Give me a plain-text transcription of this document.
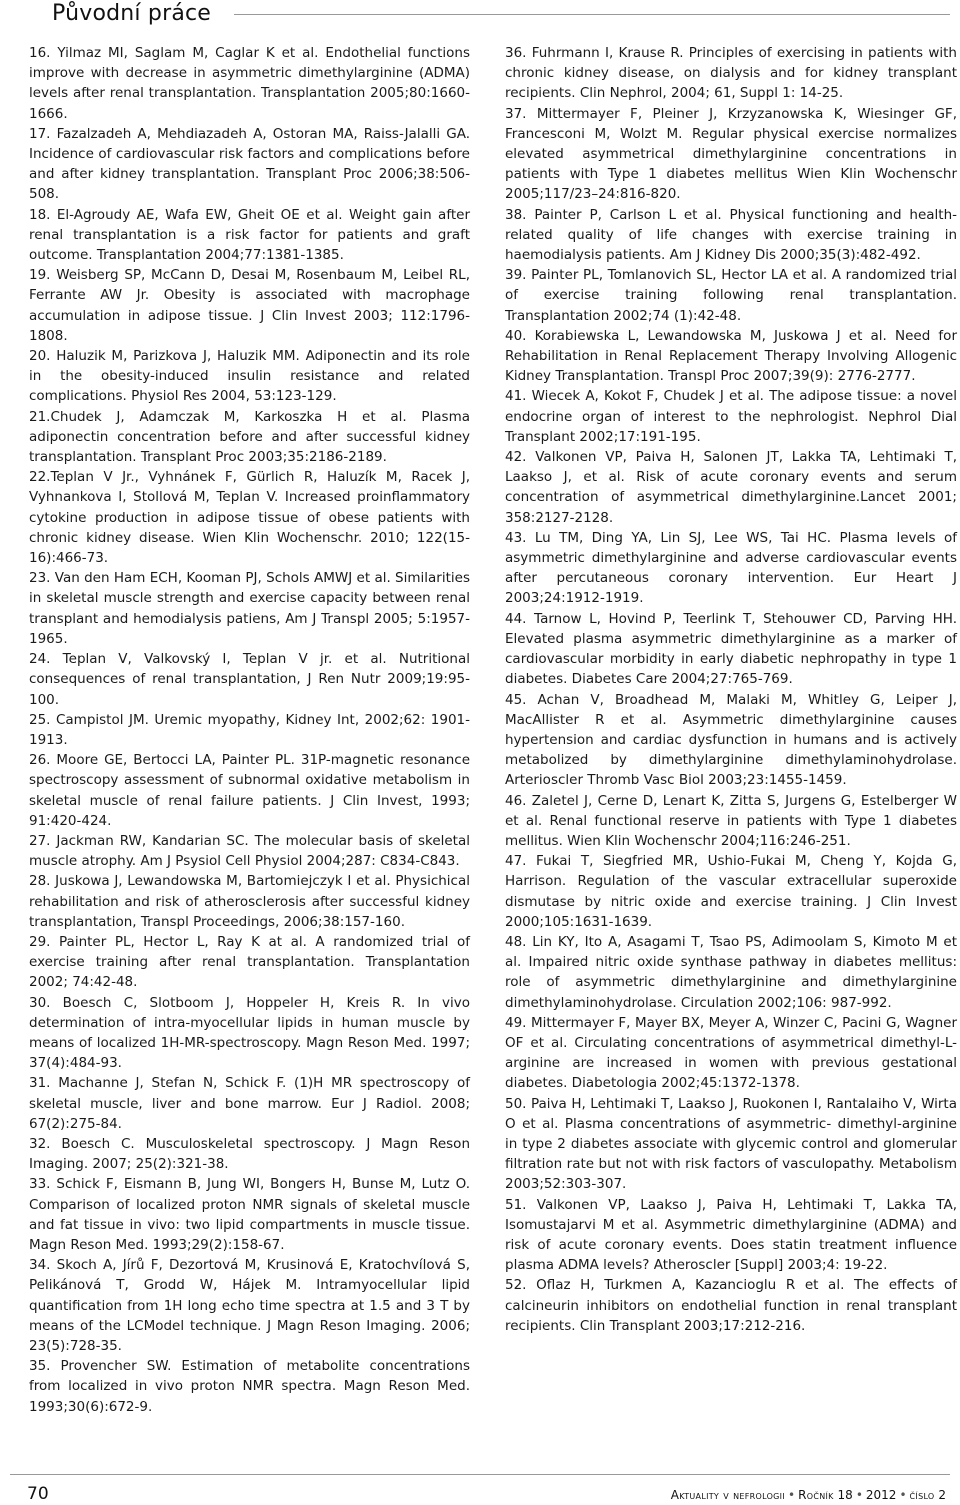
Původní práce

16. Yilmaz MI, Saglam M, Caglar K et al. Endothelial functions improve with decrease in asymmetric dimethylarginine (ADMA) levels after renal transplantation. Transplantation 2005;80:1660-1666.

17. Fazalzadeh A, Mehdiazadeh A, Ostoran MA, Raiss-Jalalli GA. Incidence of cardiovascular risk factors and complications before and after kidney transplantation. Transplant Proc 2006;38:506-508.

18. El-Agroudy AE, Wafa EW, Gheit OE et al. Weight gain after renal transplantation is a risk factor for patients and graft outcome. Transplantation 2004;77:1381-1385.

19. Weisberg SP, McCann D, Desai M, Rosenbaum M, Leibel RL, Ferrante AW Jr. Obesity is associated with macrophage accumulation in adipose tissue. J Clin Invest 2003; 112:1796-1808.

20. Haluzik M, Parizkova J, Haluzik MM. Adiponectin and its role in the obesity-induced insulin resistance and related complications. Physiol Res 2004, 53:123-129.

21.Chudek J, Adamczak M, Karkoszka H et al. Plasma adiponectin concentration before and after successful kidney transplantation. Transplant Proc 2003;35:2186-2189.

22.Teplan V Jr., Vyhnánek F, Gürlich R, Haluzík M, Racek J, Vyhnankova I, Stollová M, Teplan V. Increased proinflammatory cytokine production in adipose tissue of obese patients with chronic kidney disease. Wien Klin Wochenschr. 2010; 122(15-16):466-73.

23. Van den Ham ECH, Kooman PJ, Schols AMWJ et al. Similarities in skeletal muscle strength and exercise capacity between renal transplant and hemodialysis patiens, Am J Transpl 2005; 5:1957-1965.

24. Teplan V, Valkovský I, Teplan V jr. et al. Nutritional consequences of renal transplantation, J Ren Nutr 2009;19:95-100.

25. Campistol JM. Uremic myopathy, Kidney Int, 2002;62: 1901-1913.

26. Moore GE, Bertocci LA, Painter PL. 31P-magnetic resonance spectroscopy assessment of subnormal oxidative metabolism in skeletal muscle of renal failure patients. J Clin Invest, 1993; 91:420-424.

27. Jackman RW, Kandarian SC. The molecular basis of skeletal muscle atrophy. Am J Psysiol Cell Physiol 2004;287: C834-C843.

28. Juskowa J, Lewandowska M, Bartomiejczyk I et al. Physichical rehabilitation and risk of atherosclerosis after successful kidney transplantation, Transpl Proceedings, 2006;38:157-160.

29. Painter PL, Hector L, Ray K at al. A randomized trial of exercise training after renal transplantation. Transplantation 2002; 74:42-48.

30. Boesch C, Slotboom J, Hoppeler H, Kreis R. In vivo determination of intra-myocellular lipids in human muscle by means of localized 1H-MR-spectroscopy. Magn Reson Med. 1997; 37(4):484-93.

31. Machanne J, Stefan N, Schick F. (1)H MR spectroscopy of skeletal muscle, liver and bone marrow. Eur J Radiol. 2008; 67(2):275-84.

32. Boesch C. Musculoskeletal spectroscopy. J Magn Reson Imaging. 2007; 25(2):321-38.

33. Schick F, Eismann B, Jung WI, Bongers H, Bunse M, Lutz O. Comparison of localized proton NMR signals of skeletal muscle and fat tissue in vivo: two lipid compartments in muscle tissue. Magn Reson Med. 1993;29(2):158-67.

34. Skoch A, Jírů F, Dezortová M, Krusinová E, Kratochvílová S, Pelikánová T, Grodd W, Hájek M. Intramyocellular lipid quantification from 1H long echo time spectra at 1.5 and 3 T by means of the LCModel technique. J Magn Reson Imaging. 2006; 23(5):728-35.

35. Provencher SW. Estimation of metabolite concentrations from localized in vivo proton NMR spectra. Magn Reson Med. 1993;30(6):672-9.

36. Fuhrmann I, Krause R. Principles of exercising in patients with chronic kidney disease, on dialysis and for kidney transplant recipients. Clin Nephrol, 2004; 61, Suppl 1: 14-25.

37. Mittermayer F, Pleiner J, Krzyzanowska K, Wiesinger GF, Francesconi M, Wolzt M. Regular physical exercise normalizes elevated asymmetrical dimethylarginine concentrations in patients with Type 1 diabetes mellitus Wien Klin Wochenschr 2005;117/23–24:816-820.

38. Painter P, Carlson L et al. Physical functioning and health-related quality of life changes with exercise training in haemodialysis patients. Am J Kidney Dis 2000;35(3):482-492.

39. Painter PL, Tomlanovich SL, Hector LA et al. A randomized trial of exercise training following renal transplantation. Transplantation 2002;74 (1):42-48.

40. Korabiewska L, Lewandowska M, Juskowa J et al. Need for Rehabilitation in Renal Replacement Therapy Involving Allogenic Kidney Transplantation. Transpl Proc 2007;39(9): 2776-2777.

41. Wiecek A, Kokot F, Chudek J et al. The adipose tissue: a novel endocrine organ of interest to the nephrologist. Nephrol Dial Transplant 2002;17:191-195.

42. Valkonen VP, Paiva H, Salonen JT, Lakka TA, Lehtimaki T, Laakso J, et al. Risk of acute coronary events and serum concentration of asymmetrical dimethylarginine.Lancet 2001; 358:2127-2128.

43. Lu TM, Ding YA, Lin SJ, Lee WS, Tai HC. Plasma levels of asymmetric dimethylarginine and adverse cardiovascular events after percutaneous coronary intervention. Eur Heart J 2003;24:1912-1919.

44. Tarnow L, Hovind P, Teerlink T, Stehouwer CD, Parving HH. Elevated plasma asymmetric dimethylarginine as a marker of cardiovascular morbidity in early diabetic nephropathy in type 1 diabetes. Diabetes Care 2004;27:765-769.

45. Achan V, Broadhead M, Malaki M, Whitley G, Leiper J, MacAllister R et al. Asymmetric dimethylarginine causes hypertension and cardiac dysfunction in humans and is actively metabolized by dimethylarginine dimethylaminohydrolase. Arterioscler Thromb Vasc Biol 2003;23:1455-1459.

46. Zaletel J, Cerne D, Lenart K, Zitta S, Jurgens G, Estelberger W et al. Renal functional reserve in patients with Type 1 diabetes mellitus. Wien Klin Wochenschr 2004;116:246-251.

47. Fukai T, Siegfried MR, Ushio-Fukai M, Cheng Y, Kojda G, Harrison. Regulation of the vascular extracellular superoxide dismutase by nitric oxide and exercise training. J Clin Invest 2000;105:1631-1639.

48. Lin KY, Ito A, Asagami T, Tsao PS, Adimoolam S, Kimoto M et al. Impaired nitric oxide synthase pathway in diabetes mellitus: role of asymmetric dimethylarginine and dimethylarginine dimethylaminohydrolase. Circulation 2002;106: 987-992.

49. Mittermayer F, Mayer BX, Meyer A, Winzer C, Pacini G, Wagner OF et al. Circulating concentrations of asymmetrical dimethyl-L-arginine are increased in women with previous gestational diabetes. Diabetologia 2002;45:1372-1378.

50. Paiva H, Lehtimaki T, Laakso J, Ruokonen I, Rantalaiho V, Wirta O et al. Plasma concentrations of asymmetric- dimethyl-arginine in type 2 diabetes associate with glycemic control and glomerular filtration rate but not with risk factors of vasculopathy. Metabolism 2003;52:303-307.

51. Valkonen VP, Laakso J, Paiva H, Lehtimaki T, Lakka TA, Isomustajarvi M et al. Asymmetric dimethylarginine (ADMA) and risk of acute coronary events. Does statin treatment influence plasma ADMA levels? Atheroscler [Suppl] 2003;4: 19-22.

52. Oflaz H, Turkmen A, Kazancioglu R et al. The effects of calcineurin inhibitors on endothelial function in renal transplant recipients. Clin Transplant 2003;17:212-216.

70	Aktuality v nefrologii • Ročník 18 • 2012 • číslo 2
